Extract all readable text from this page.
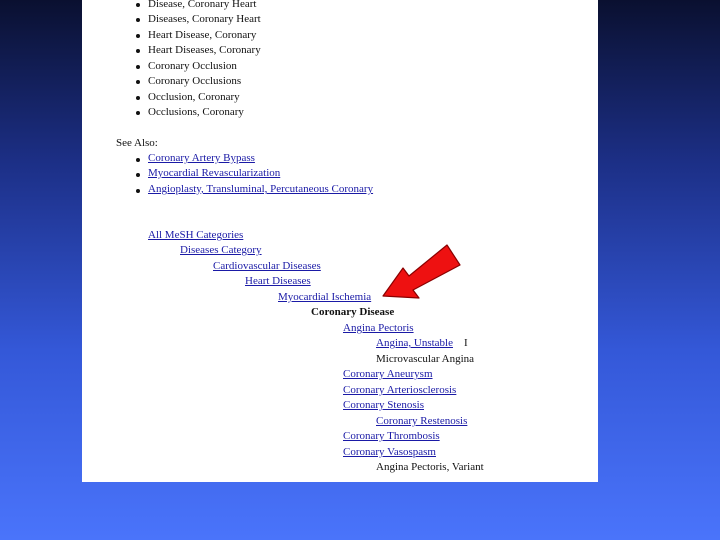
Disease, Coronary Heart
Diseases, Coronary Heart
Heart Disease, Coronary
Heart Diseases, Coronary
Coronary Occlusion
Coronary Occlusions
Occlusion, Coronary
Occlusions, Coronary
See Also:
Coronary Artery Bypass
Myocardial Revascularization
Angioplasty, Transluminal, Percutaneous Coronary
All MeSH Categories
Diseases Category
Cardiovascular Diseases
Heart Diseases
Myocardial Ischemia
Coronary Disease
Angina Pectoris
Angina, Unstable I
Microvascular Angina
Coronary Aneurysm
Coronary Arteriosclerosis
Coronary Stenosis
Coronary Restenosis
Coronary Thrombosis
Coronary Vasospasm
Angina Pectoris, Variant
